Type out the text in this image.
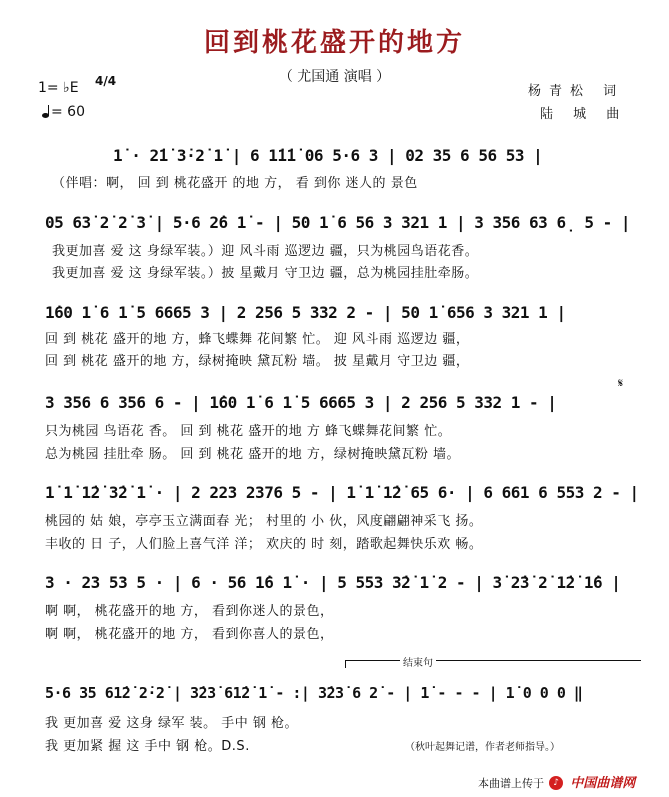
回到桃花盛开的地方
（ 尤国通 演唱 ）
1= ♭E 4/4
= 60
杨青松 词
陆 城 曲
1̇ · 2̇1̇ 3̇·2̇ 1̇ | 6 1̇1̇1̇ 06 5·6 3 | 02 35 6 56 53 |
（伴唱：啊， 回 到 桃花盛开 的地 方， 看 到你 迷人的 景色
05 63̇ 2̇ 2̇ 3̇ | 5·6 2̇6 1̇ - | 50 1̇ 6 56 3 321 1 | 3 356 63 6̣ 5 - |
我更加喜 爱 这 身绿军装。）迎 风斗雨 巡逻边 疆，只为桃园鸟语花香。
我更加喜 爱 这 身绿军装。）披 星戴月 守卫边 疆，总为桃园挂肚牵肠。
1̇60 1̇ 6 1̇ 5 6665 3 | 2 256 5 332 2 - | 50 1̇ 656 3 321 1 |
回 到 桃花 盛开的地 方，蜂飞蝶舞 花间繁 忙。 迎 风斗雨 巡逻边 疆，
回 到 桃花 盛开的地 方，绿树掩映 黛瓦粉 墙。 披 星戴月 守卫边 疆，
3 356 6 356 6 - | 1̇60 1̇ 6 1̇ 5 6665 3 | 2 256 5 332 1 - |
𝄋
只为桃园 鸟语花 香。 回 到 桃花 盛开的地 方 蜂飞蝶舞花间繁 忙。
总为桃园 挂肚牵 肠。 回 到 桃花 盛开的地 方，绿树掩映黛瓦粉 墙。
1̇ 1̇ 1̇2̇ 3̇2̇ 1̇ · | 2 223 2376 5 - | 1̇ 1̇ 1̇2̇ 65 6· | 6 661 6 553 2 - |
桃园的 姑 娘，亭亭玉立满面春 光； 村里的 小 伙，风度翩翩神采飞 扬。
丰收的 日 子，人们脸上喜气洋 洋； 欢庆的 时 刻，踏歌起舞快乐欢 畅。
3 · 23 53 5 · | 6 · 56 1̇6 1̇ · | 5 553 3̇2̇ 1̇ 2 - | 3̇ 2̇3̇ 2̇ 1̇2̇ 1̇6 |
啊 啊， 桃花盛开的地 方， 看到你迷人的景色，
啊 啊， 桃花盛开的地 方， 看到你喜人的景色，
结束句
5·6 35 61̇2̇ 2̇·2̇ | 3̇23̇ 61̇2̇ 1̇ - :| 3̇23̇ 6 2̇ - | 1̇ - - - | 1̇ 0 0 0 ‖
我 更加喜 爱 这身 绿军 装。 手中 钢 枪。
我 更加紧 握 这 手中 钢 枪。D.S.	（秋叶起舞记谱，作者老师指导。）
本曲谱上传于 ♪ 中国曲谱网
